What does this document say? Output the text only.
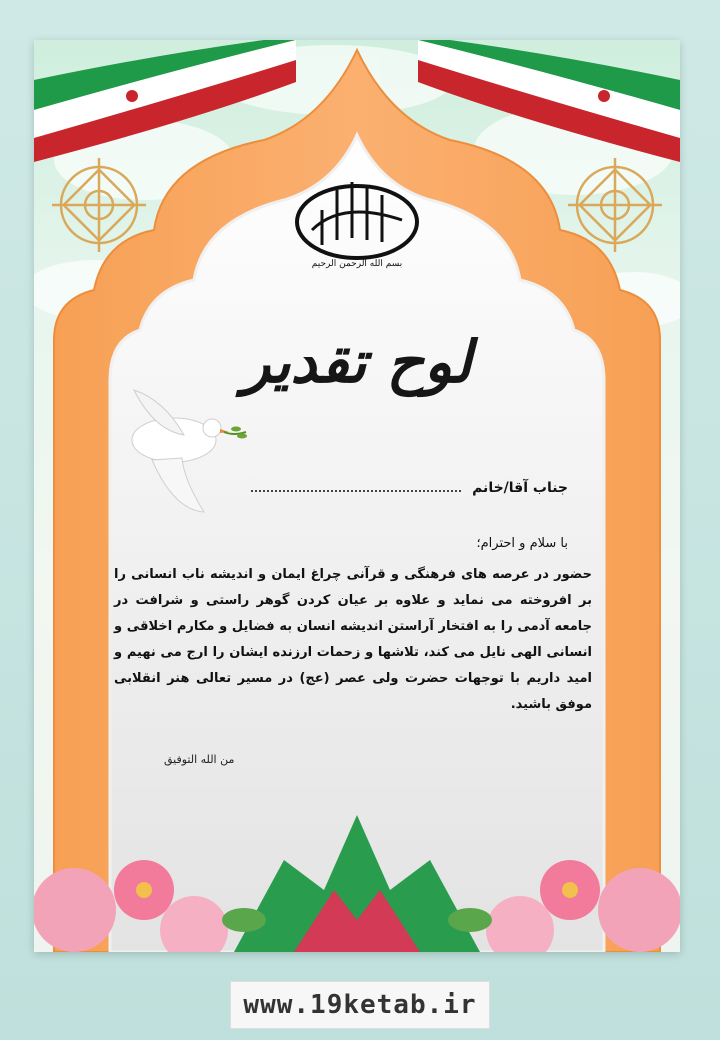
بسم الله الرحمن الرحیم
لوح تقدیر
جناب آقا/خانم
با سلام و احترام؛
حضور در عرصه های فرهنگی و قرآنی چراغ ایمان و اندیشه ناب انسانی را بر افروخته می نماید و علاوه بر عیان کردن گوهر راستی و شرافت در جامعه آدمی را به افتخار آراستن اندیشه انسان به فضایل و مکارم اخلاقی و انسانی الهی نایل می کند، تلاشها و زحمات ارزنده ایشان را ارج می نهیم و امید داریم با توجهات حضرت ولی عصر (عج) در مسیر تعالی هنر انقلابی موفق باشید.
من الله التوفیق
www.19ketab.ir
